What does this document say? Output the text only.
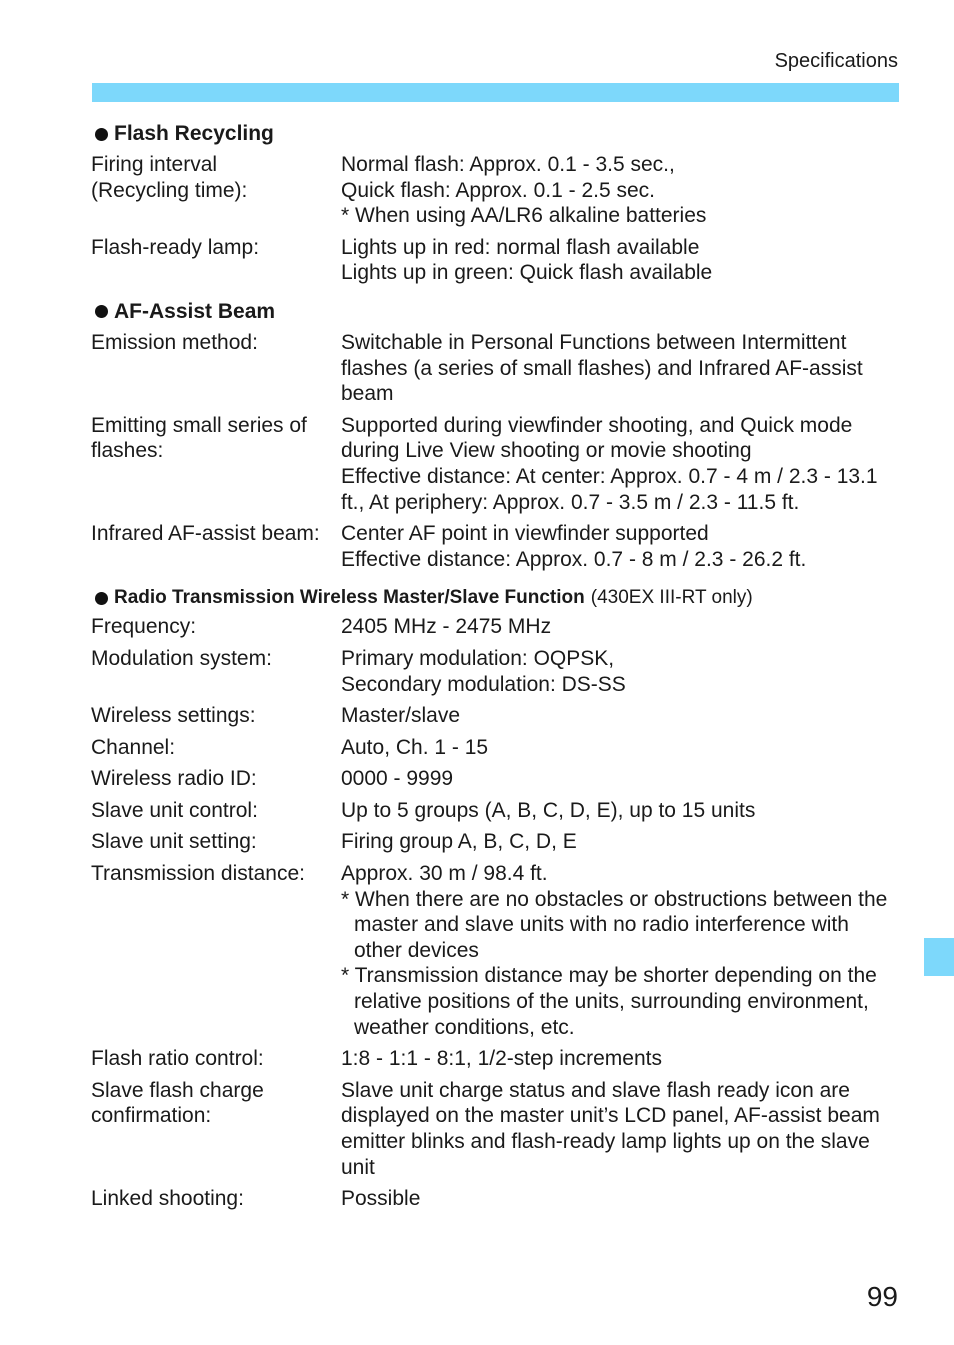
Specifications
Flash Recycling
Firing interval (Recycling time):
Normal flash: Approx. 0.1 - 3.5 sec.,
Quick flash: Approx. 0.1 - 2.5 sec.
* When using AA/LR6 alkaline batteries
Flash-ready lamp:	Lights up in red: normal flash available
Lights up in green: Quick flash available
AF-Assist Beam
Emission method:	Switchable in Personal Functions between Intermittent flashes (a series of small flashes) and Infrared AF-assist beam
Emitting small series of flashes:
Supported during viewfinder shooting, and Quick mode during Live View shooting or movie shooting
Effective distance: At center: Approx. 0.7 - 4 m / 2.3 - 13.1 ft., At periphery: Approx. 0.7 - 3.5 m / 2.3 - 11.5 ft.
Infrared AF-assist beam:	Center AF point in viewfinder supported
Effective distance: Approx. 0.7 - 8 m / 2.3 - 26.2 ft.
Radio Transmission Wireless Master/Slave Function (430EX III-RT only)
Frequency:	2405 MHz - 2475 MHz
Modulation system:	Primary modulation: OQPSK,
Secondary modulation: DS-SS
Wireless settings:	Master/slave
Channel:	Auto, Ch. 1 - 15
Wireless radio ID:	0000 - 9999
Slave unit control:	Up to 5 groups (A, B, C, D, E), up to 15 units
Slave unit setting:	Firing group A, B, C, D, E
Transmission distance:	Approx. 30 m / 98.4 ft.
* When there are no obstacles or obstructions between the master and slave units with no radio interference with other devices
* Transmission distance may be shorter depending on the relative positions of the units, surrounding environment, weather conditions, etc.
Flash ratio control:	1:8 - 1:1 - 8:1, 1/2-step increments
Slave flash charge confirmation:
Slave unit charge status and slave flash ready icon are displayed on the master unit’s LCD panel, AF-assist beam emitter blinks and flash-ready lamp lights up on the slave unit
Linked shooting:	Possible
99
